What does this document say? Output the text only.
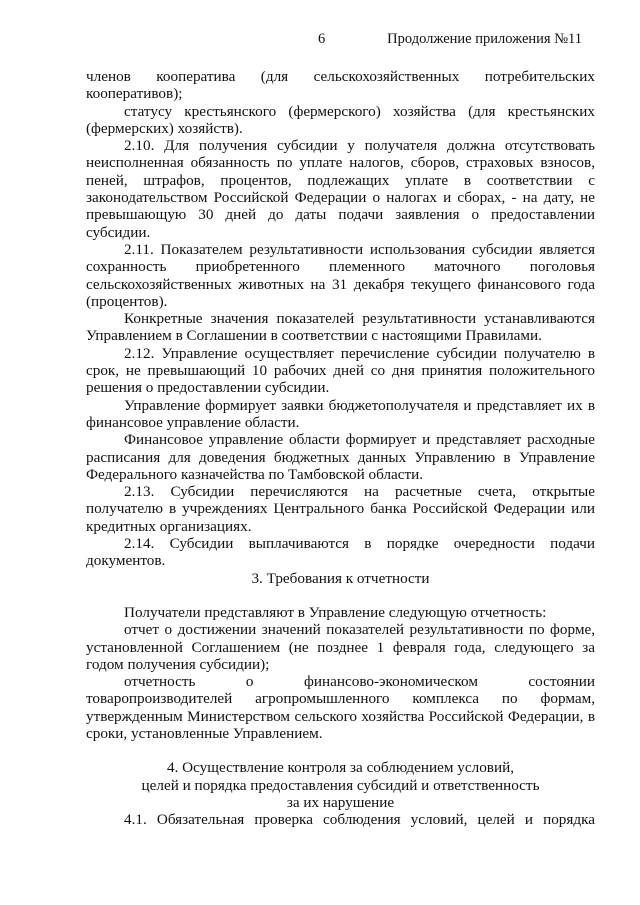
6	Продолжение приложения №11

членов кооператива (для сельскохозяйственных потребительских кооперативов);

статусу крестьянского (фермерского) хозяйства (для крестьянских (фермерских) хозяйств).

2.10. Для получения субсидии у получателя должна отсутствовать неисполненная обязанность по уплате налогов, сборов, страховых взносов, пеней, штрафов, процентов, подлежащих уплате в соответствии с законодательством Российской Федерации о налогах и сборах, - на дату, не превышающую 30 дней до даты подачи заявления о предоставлении субсидии.

2.11. Показателем результативности использования субсидии является сохранность приобретенного племенного маточного поголовья сельскохозяйственных животных на 31 декабря текущего финансового года (процентов).

Конкретные значения показателей результативности устанавливаются Управлением в Соглашении в соответствии с настоящими Правилами.

2.12. Управление осуществляет перечисление субсидии получателю в срок, не превышающий 10 рабочих дней со дня принятия положительного решения о предоставлении субсидии.

Управление формирует заявки бюджетополучателя и представляет их в финансовое управление области.

Финансовое управление области формирует и представляет расходные расписания для доведения бюджетных данных Управлению в Управление Федерального казначейства по Тамбовской области.

2.13. Субсидии перечисляются на расчетные счета, открытые получателю в учреждениях Центрального банка Российской Федерации или кредитных организациях.

2.14. Субсидии выплачиваются в порядке очередности подачи документов.

3. Требования к отчетности

Получатели представляют в Управление следующую отчетность:

отчет о достижении значений показателей результативности по форме, установленной Соглашением (не позднее 1 февраля года, следующего за годом получения субсидии);

отчетность о финансово-экономическом состоянии товаропроизводителей агропромышленного комплекса по формам, утвержденным Министерством сельского хозяйства Российской Федерации, в сроки, установленные Управлением.

4. Осуществление контроля за соблюдением условий,

целей и порядка предоставления субсидий и ответственность

за их нарушение

4.1. Обязательная проверка соблюдения условий, целей и порядка
